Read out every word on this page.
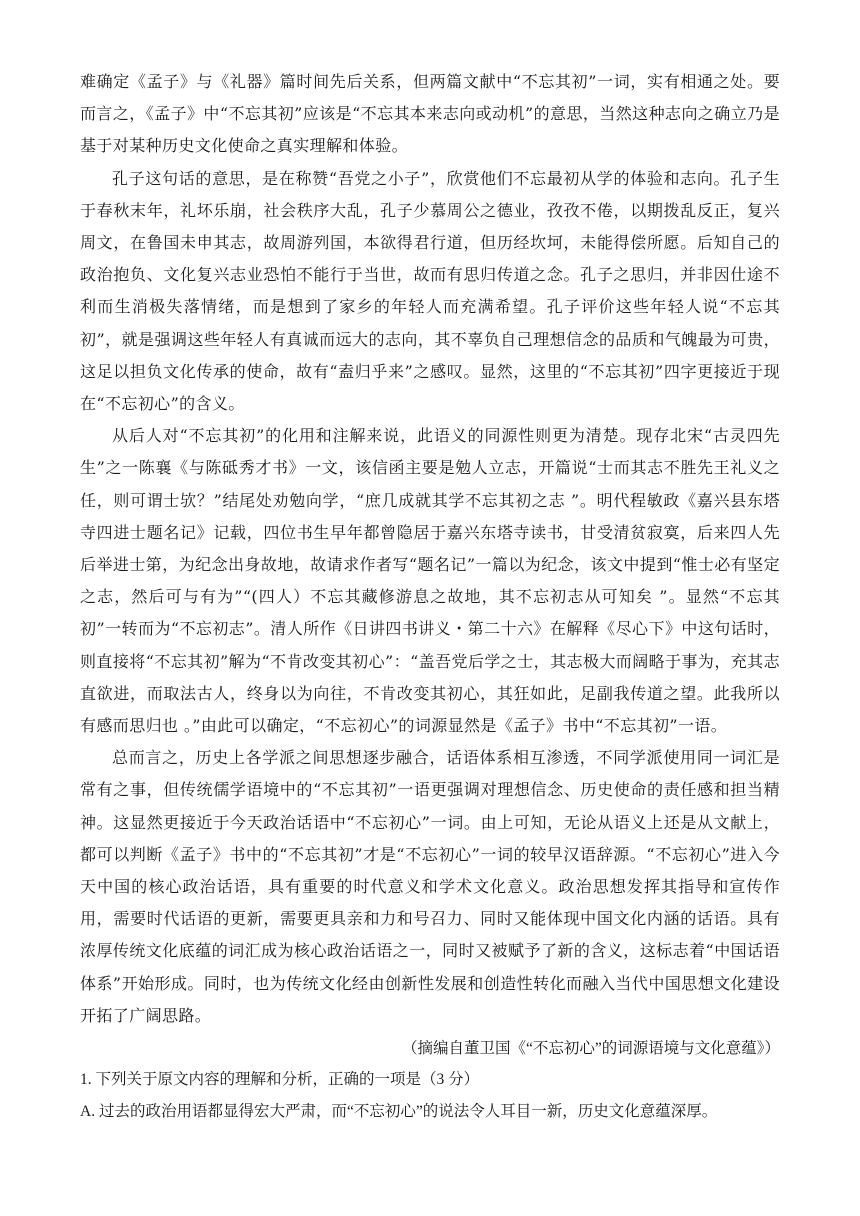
难确定《孟子》与《礼器》篇时间先后关系，但两篇文献中“不忘其初”一词，实有相通之处。要而言之，《孟子》中“不忘其初”应该是“不忘其本来志向或动机”的意思，当然这种志向之确立乃是基于对某种历史文化使命之真实理解和体验。

孔子这句话的意思，是在称赞“吾党之小子”，欣赏他们不忘最初从学的体验和志向。孔子生于春秋末年，礼坏乐崩，社会秩序大乱，孔子少慕周公之德业，孜孜不倦，以期拨乱反正，复兴周文，在鲁国未申其志，故周游列国，本欲得君行道，但历经坎坷，未能得偿所愿。后知自己的政治抱负、文化复兴志业恐怕不能行于当世，故而有思归传道之念。孔子之思归，并非因仕途不利而生消极失落情绪，而是想到了家乡的年轻人而充满希望。孔子评价这些年轻人说“不忘其初”，就是强调这些年轻人有真诚而远大的志向，其不辜负自己理想信念的品质和气魄最为可贵，这足以担负文化传承的使命，故有“盍归乎来”之感叹。显然，这里的“不忘其初”四字更接近于现在“不忘初心”的含义。

从后人对“不忘其初”的化用和注解来说，此语义的同源性则更为清楚。现存北宋“古灵四先生”之一陈襄《与陈砥秀才书》一文，该信函主要是勉人立志，开篇说“士而其志不胜先王礼义之任，则可谓士欤？”结尾处劝勉向学，“庶几成就其学不忘其初之志 ”。明代程敏政《嘉兴县东塔寺四进士题名记》记载，四位书生早年都曾隐居于嘉兴东塔寺读书，甘受清贫寂寞，后来四人先后举进士第，为纪念出身故地，故请求作者写“题名记”一篇以为纪念，该文中提到“惟士必有坚定之志，然后可与有为”“(四人）不忘其藏修游息之故地，其不忘初志从可知矣 ”。显然“不忘其初”一转而为“不忘初志”。清人所作《日讲四书讲义・第二十六》在解释《尽心下》中这句话时，则直接将“不忘其初”解为“不肯改变其初心”：“盖吾党后学之士，其志极大而阔略于事为，充其志直欲进，而取法古人，终身以为向往，不肯改变其初心，其狂如此，足副我传道之望。此我所以有感而思归也 。”由此可以确定，“不忘初心”的词源显然是《孟子》书中“不忘其初”一语。

总而言之，历史上各学派之间思想逐步融合，话语体系相互渗透，不同学派使用同一词汇是常有之事，但传统儒学语境中的“不忘其初”一语更强调对理想信念、历史使命的责任感和担当精神。这显然更接近于今天政治话语中“不忘初心”一词。由上可知，无论从语义上还是从文献上，都可以判断《孟子》书中的“不忘其初”才是“不忘初心”一词的较早汉语辞源。“不忘初心”进入今天中国的核心政治话语，具有重要的时代意义和学术文化意义。政治思想发挥其指导和宣传作用，需要时代话语的更新，需要更具亲和力和号召力、同时又能体现中国文化内涵的话语。具有浓厚传统文化底蕴的词汇成为核心政治话语之一，同时又被赋予了新的含义，这标志着“中国话语体系”开始形成。同时，也为传统文化经由创新性发展和创造性转化而融入当代中国思想文化建设开拓了广阔思路。

（摘编自董卫国《“不忘初心”的词源语境与文化意蕴》）

1. 下列关于原文内容的理解和分析，正确的一项是（3 分）

A. 过去的政治用语都显得宏大严肃，而“不忘初心”的说法令人耳目一新，历史文化意蕴深厚。
